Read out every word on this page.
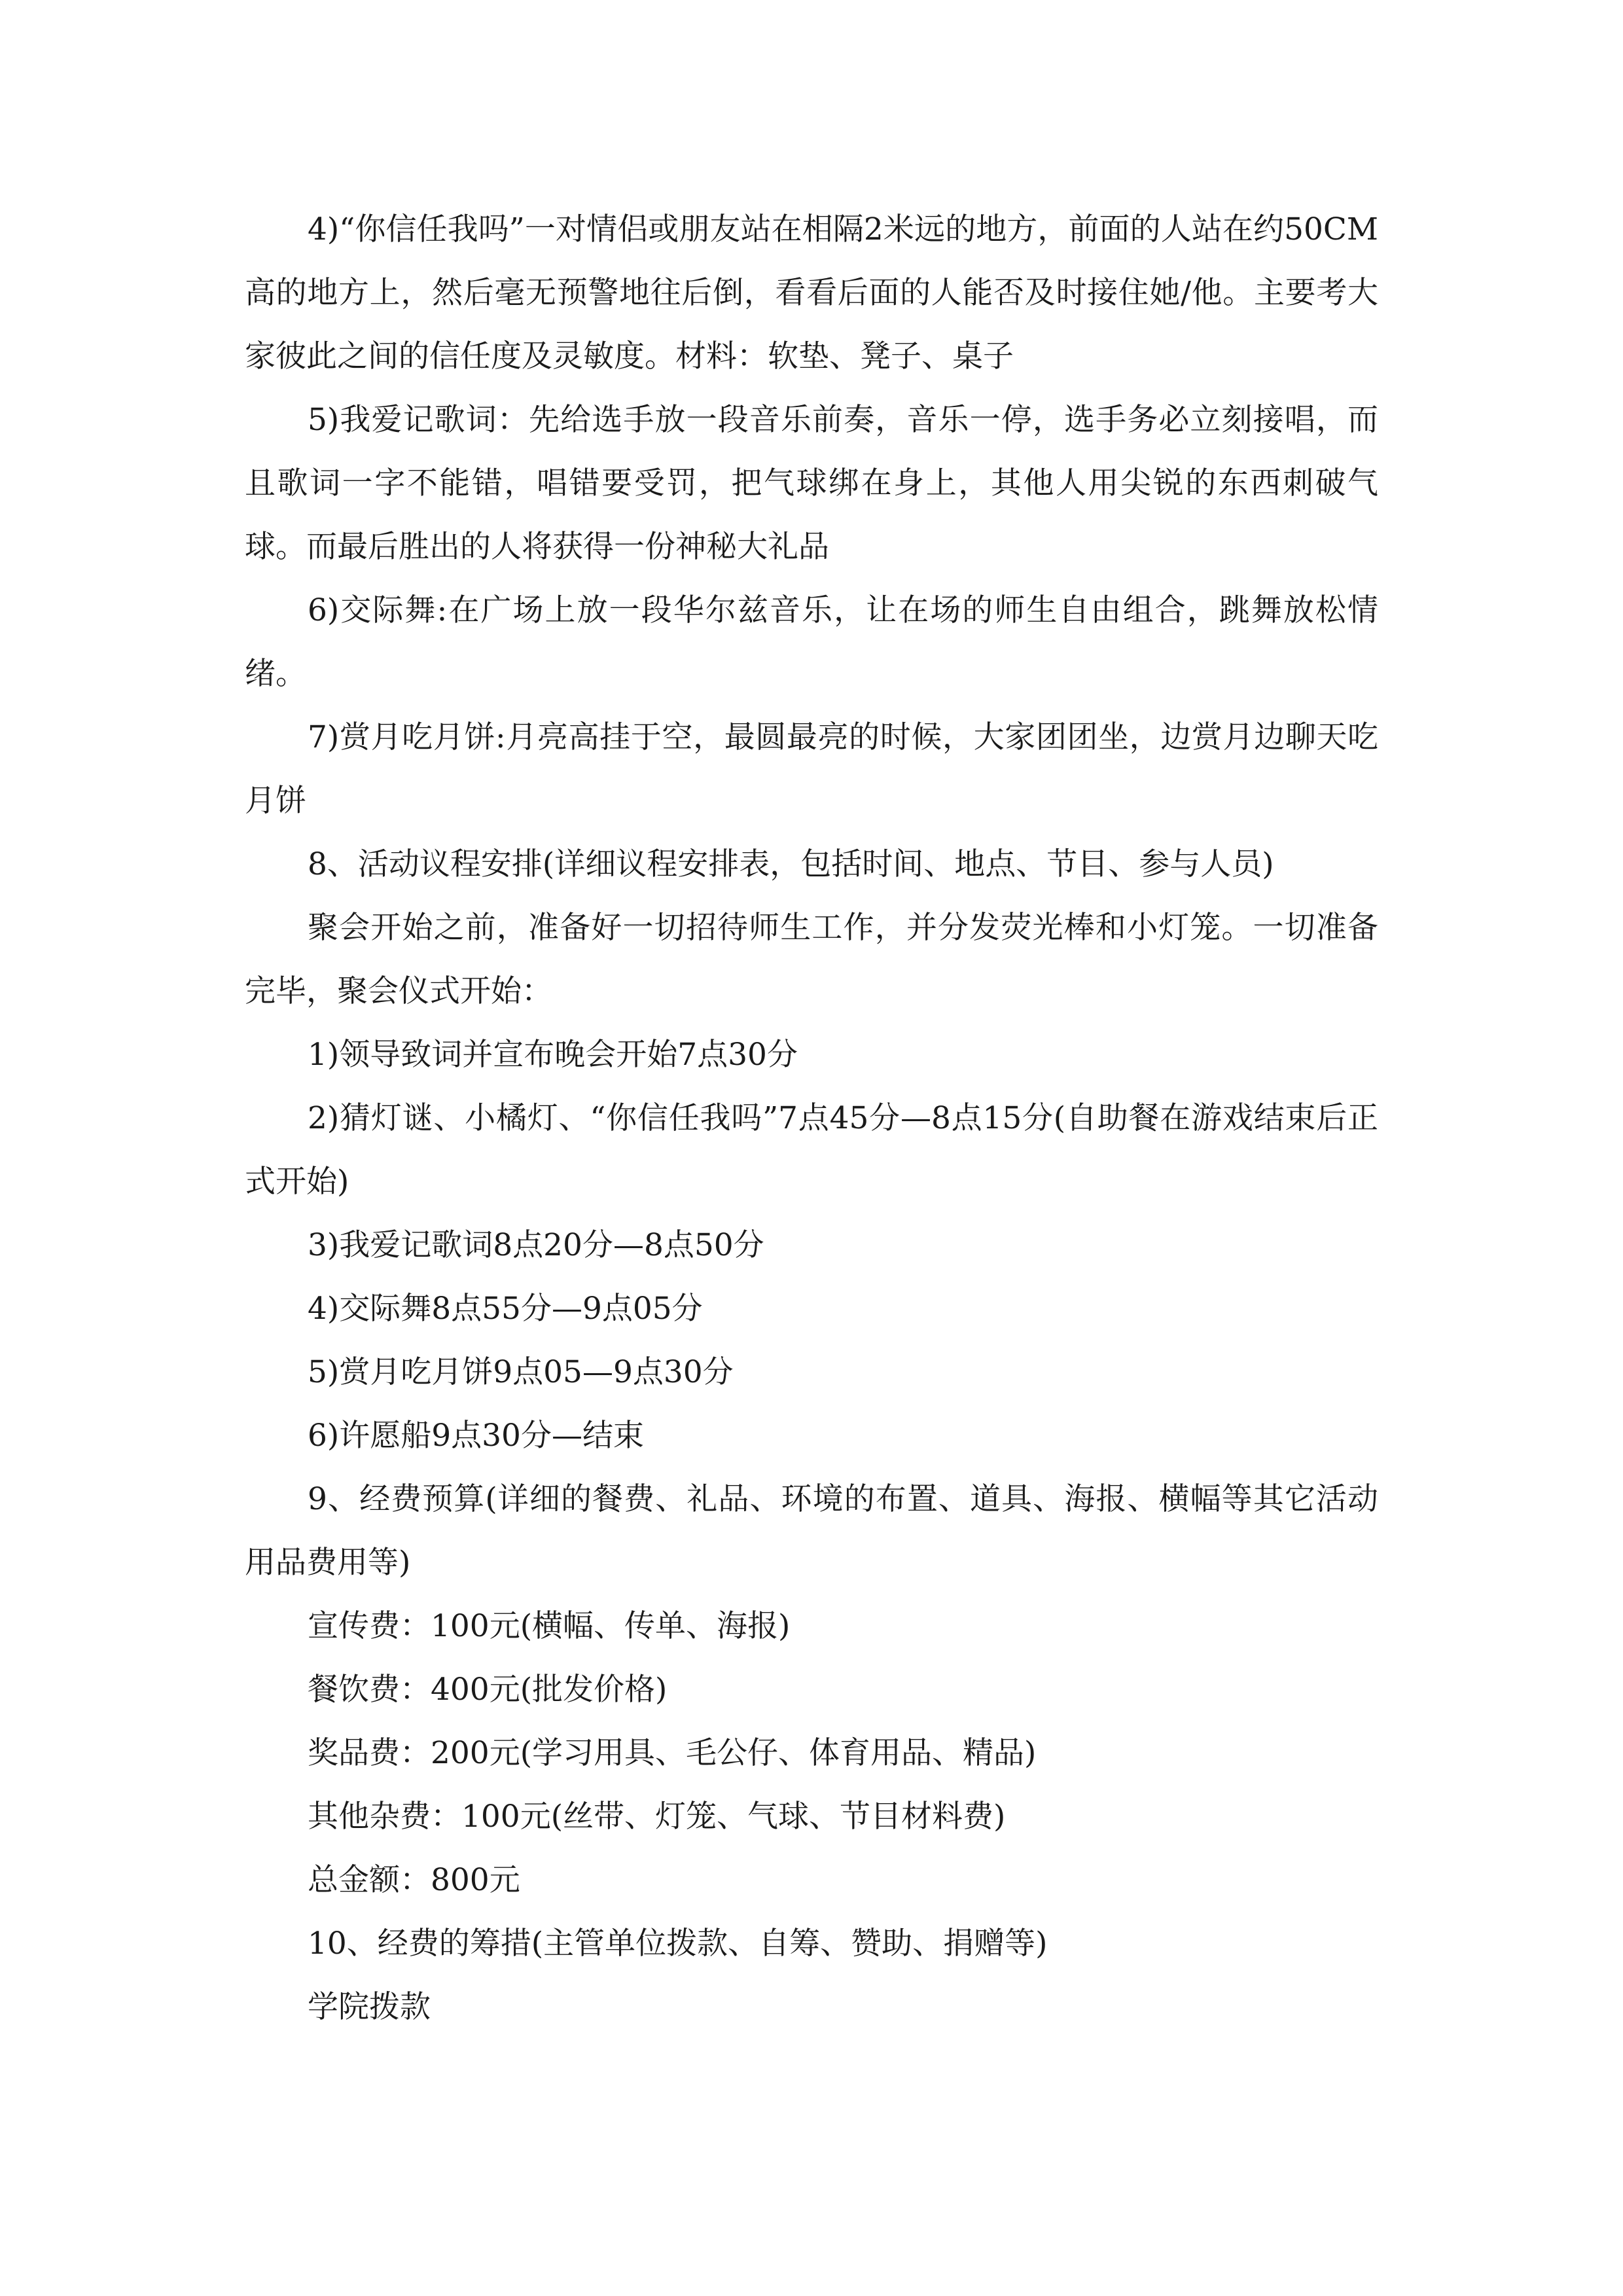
4)“你信任我吗”一对情侣或朋友站在相隔2米远的地方，前面的人站在约50CM高的地方上，然后毫无预警地往后倒，看看后面的人能否及时接住她/他。主要考大家彼此之间的信任度及灵敏度。材料：软垫、凳子、桌子

5)我爱记歌词：先给选手放一段音乐前奏，音乐一停，选手务必立刻接唱，而且歌词一字不能错，唱错要受罚，把气球绑在身上，其他人用尖锐的东西刺破气球。而最后胜出的人将获得一份神秘大礼品

6)交际舞:在广场上放一段华尔兹音乐，让在场的师生自由组合，跳舞放松情绪。

7)赏月吃月饼:月亮高挂于空，最圆最亮的时候，大家团团坐，边赏月边聊天吃月饼

8、活动议程安排(详细议程安排表，包括时间、地点、节目、参与人员)

聚会开始之前，准备好一切招待师生工作，并分发荧光棒和小灯笼。一切准备完毕，聚会仪式开始：

1)领导致词并宣布晚会开始7点30分

2)猜灯谜、小橘灯、“你信任我吗”7点45分—8点15分(自助餐在游戏结束后正式开始)

3)我爱记歌词8点20分—8点50分

4)交际舞8点55分—9点05分

5)赏月吃月饼9点05—9点30分

6)许愿船9点30分—结束

9、经费预算(详细的餐费、礼品、环境的布置、道具、海报、横幅等其它活动用品费用等)

宣传费：100元(横幅、传单、海报)

餐饮费：400元(批发价格)

奖品费：200元(学习用具、毛公仔、体育用品、精品)

其他杂费：100元(丝带、灯笼、气球、节目材料费)

总金额：800元

10、经费的筹措(主管单位拨款、自筹、赞助、捐赠等)

学院拨款
